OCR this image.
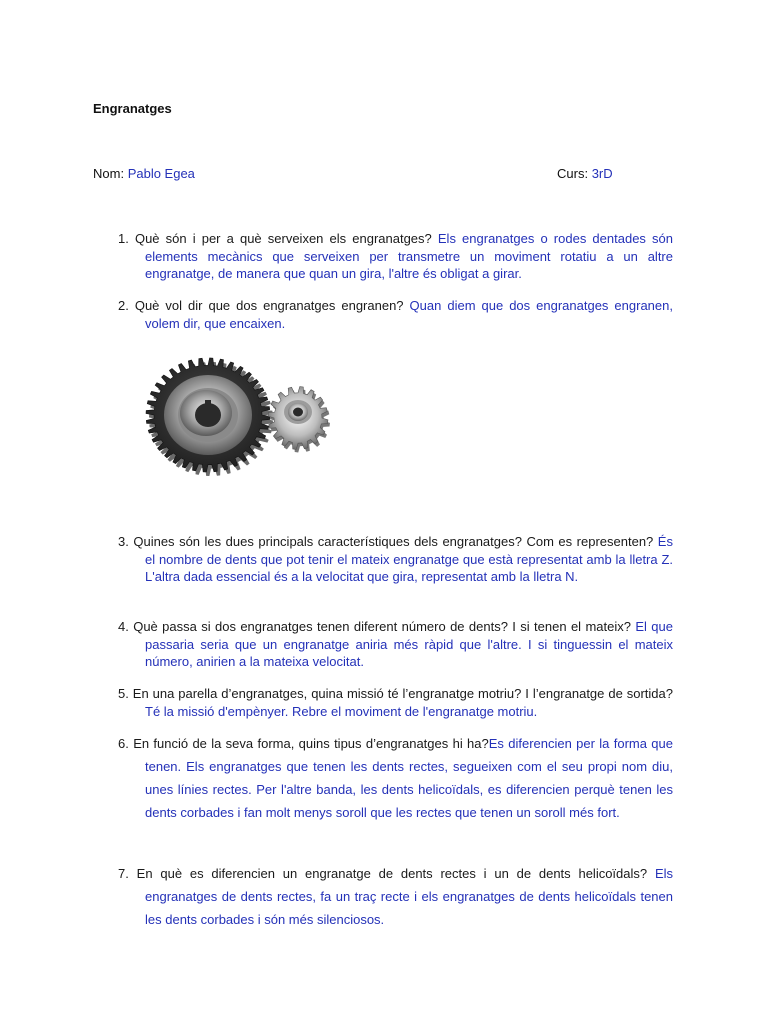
Engranatges
Nom: Pablo Egea	Curs: 3rD
1. Què són i per a què serveixen els engranatges? Els engranatges o rodes dentades són elements mecànics que serveixen per transmetre un moviment rotatiu a un altre engranatge, de manera que quan un gira, l'altre és obligat a girar.
2. Què vol dir que dos engranatges engranen? Quan diem que dos engranatges engranen, volem dir, que encaixen.
3. Quines són les dues principals característiques dels engranatges? Com es representen? És el nombre de dents que pot tenir el mateix engranatge que està representat amb la lletra Z. L'altra dada essencial és a la velocitat que gira, representat amb la lletra N.
4. Què passa si dos engranatges tenen diferent número de dents? I si tenen el mateix? El que passaria seria que un engranatge aniria més ràpid que l'altre. I si tinguessin el mateix número, anirien a la mateixa velocitat.
5. En una parella d’engranatges, quina missió té l’engranatge motriu? I l’engranatge de sortida? Té la missió d'empènyer. Rebre el moviment de l'engranatge motriu.
6. En funció de la seva forma, quins tipus d’engranatges hi ha?Es diferencien per la forma que tenen. Els engranatges que tenen les dents rectes, segueixen com el seu propi nom diu, unes línies rectes. Per l'altre banda, les dents helicoïdals, es diferencien perquè tenen les dents corbades i fan molt menys soroll que les rectes que tenen un soroll més fort.
7. En què es diferencien un engranatge de dents rectes i un de dents helicoïdals? Els engranatges de dents rectes, fa un traç recte i els engranatges de dents helicoïdals tenen les dents corbades i són més silenciosos.
